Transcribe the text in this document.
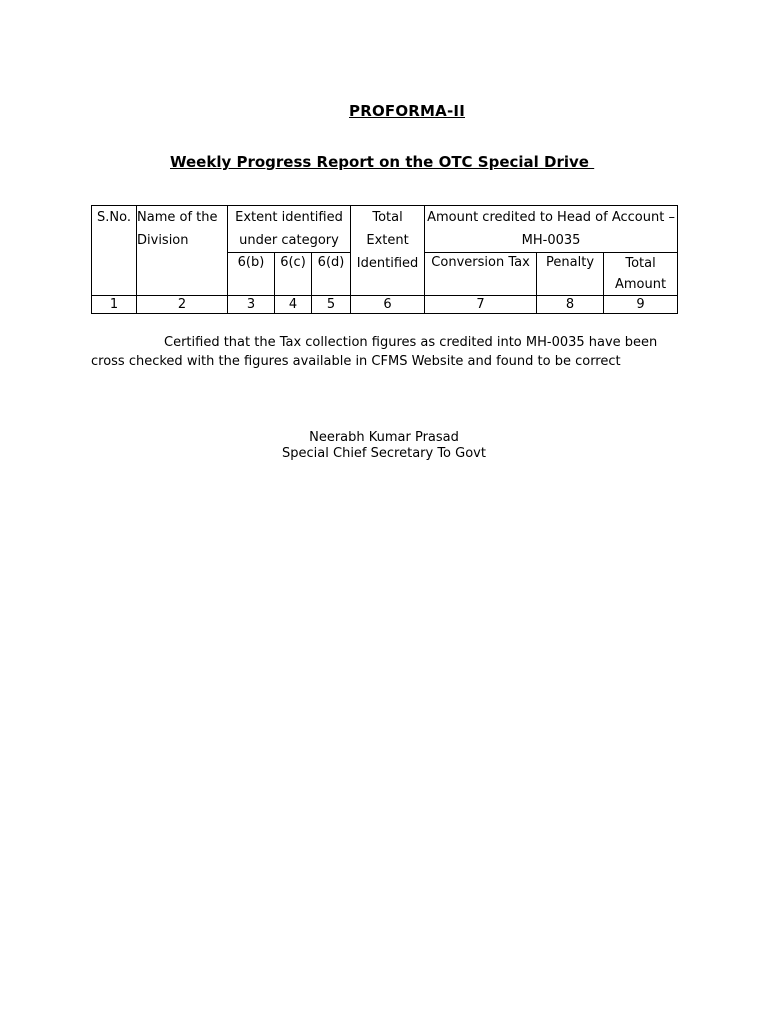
PROFORMA-II
Weekly Progress Report on the OTC Special Drive
S.No.	Name of the Division	Extent identified under category			Total Extent Identified	Amount credited to Head of Account – MH-0035		
		6(b)	6(c)	6(d)		Conversion Tax	Penalty	Total Amount
1	2	3	4	5	6	7	8	9
Certified that the Tax collection figures as credited into MH-0035 have been cross checked with the figures available in CFMS Website and found to be correct
Neerabh Kumar Prasad
Special Chief Secretary To Govt
